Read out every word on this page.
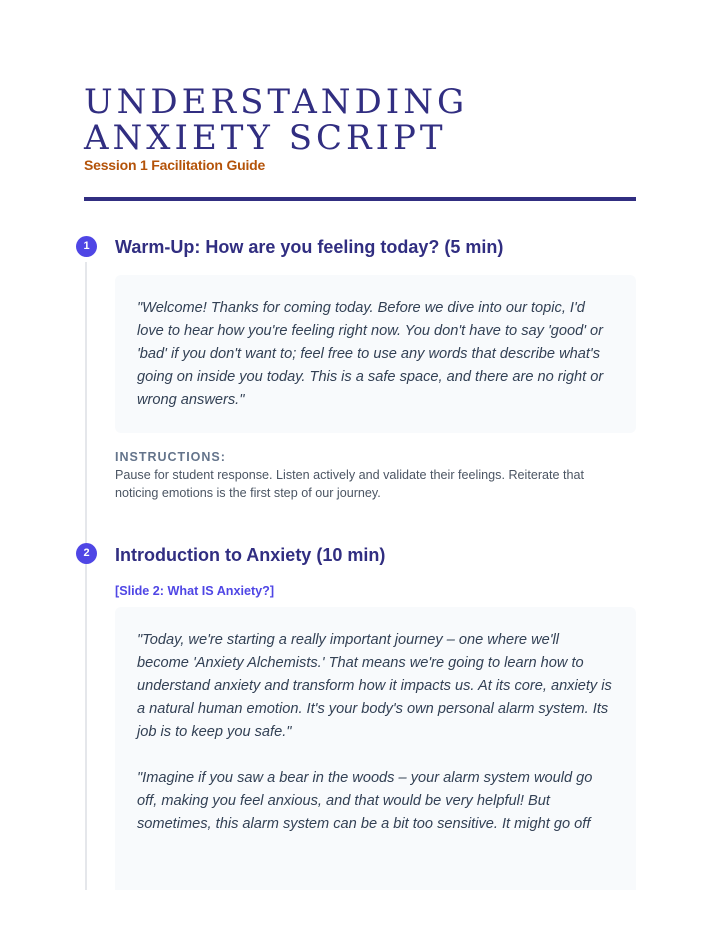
UNDERSTANDING ANXIETY SCRIPT
Session 1 Facilitation Guide
1	Warm-Up: How are you feeling today? (5 min)

"Welcome! Thanks for coming today. Before we dive into our topic, I'd love to hear how you're feeling right now. You don't have to say 'good' or 'bad' if you don't want to; feel free to use any words that describe what's going on inside you today. This is a safe space, and there are no right or wrong answers."

INSTRUCTIONS:

Pause for student response. Listen actively and validate their feelings. Reiterate that noticing emotions is the first step of our journey.

2	Introduction to Anxiety (10 min)
[Slide 2: What IS Anxiety?]

"Today, we're starting a really important journey – one where we'll become 'Anxiety Alchemists.' That means we're going to learn how to understand anxiety and transform how it impacts us. At its core, anxiety is a natural human emotion. It's your body's own personal alarm system. Its job is to keep you safe."

"Imagine if you saw a bear in the woods – your alarm system would go off, making you feel anxious, and that would be very helpful! But sometimes, this alarm system can be a bit too sensitive. It might go off
